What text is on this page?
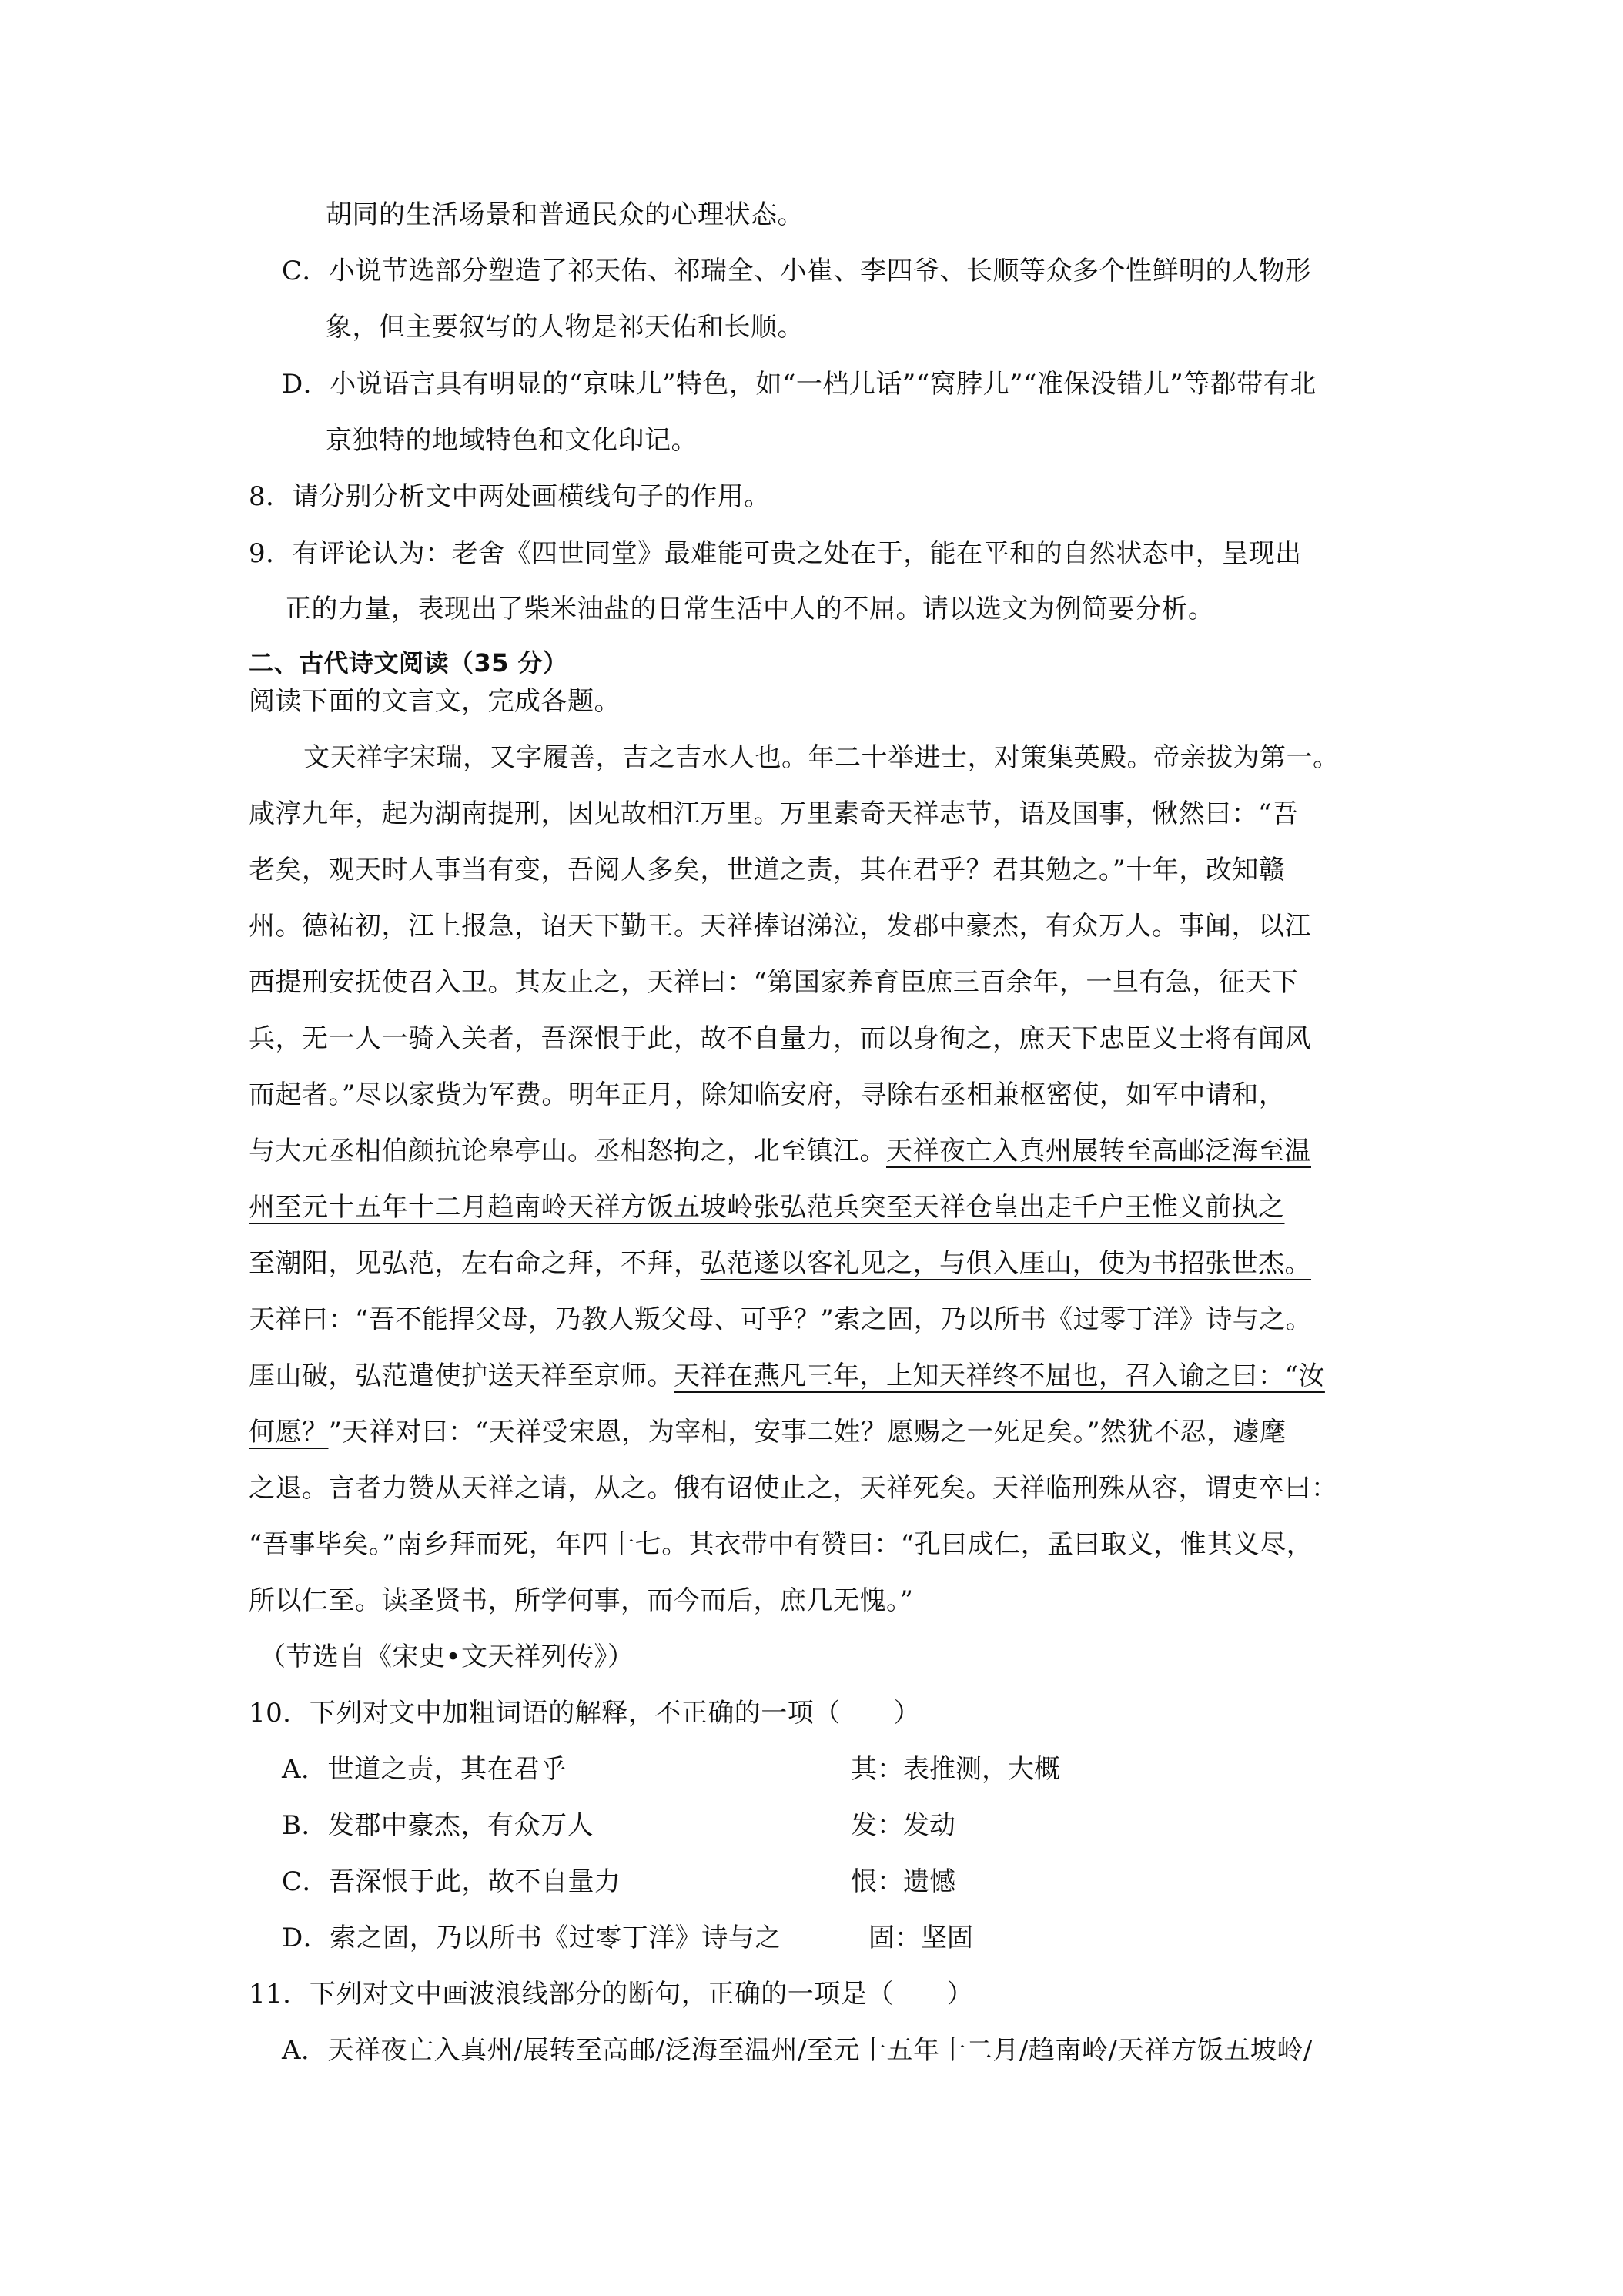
胡同的生活场景和普通民众的心理状态。
C．小说节选部分塑造了祁天佑、祁瑞全、小崔、李四爷、长顺等众多个性鲜明的人物形
象，但主要叙写的人物是祁天佑和长顺。
D．小说语言具有明显的“京味儿”特色，如“一档儿话”“窝脖儿”“准保没错儿”等都带有北
京独特的地域特色和文化印记。
8．请分别分析文中两处画横线句子的作用。
9．有评论认为：老舍《四世同堂》最难能可贵之处在于，能在平和的自然状态中，呈现出
正的力量，表现出了柴米油盐的日常生活中人的不屈。请以选文为例简要分析。
二、古代诗文阅读（35 分）
阅读下面的文言文，完成各题。
文天祥字宋瑞，又字履善，吉之吉水人也。年二十举进士，对策集英殿。帝亲拔为第一。
咸淳九年，起为湖南提刑，因见故相江万里。万里素奇天祥志节，语及国事，愀然曰：“吾
老矣，观天时人事当有变，吾阅人多矣，世道之责，其在君乎？君其勉之。”十年，改知赣
州。德祐初，江上报急，诏天下勤王。天祥捧诏涕泣，发郡中豪杰，有众万人。事闻，以江
西提刑安抚使召入卫。其友止之，天祥曰：“第国家养育臣庶三百余年，一旦有急，征天下
兵，无一人一骑入关者，吾深恨于此，故不自量力，而以身徇之，庶天下忠臣义士将有闻风
而起者。”尽以家赀为军费。明年正月，除知临安府，寻除右丞相兼枢密使，如军中请和，
与大元丞相伯颜抗论皋亭山。丞相怒拘之，北至镇江。天祥夜亡入真州展转至高邮泛海至温
州至元十五年十二月趋南岭天祥方饭五坡岭张弘范兵突至天祥仓皇出走千户王惟义前执之
至潮阳，见弘范，左右命之拜，不拜，弘范遂以客礼见之，与俱入厓山，使为书招张世杰。
天祥曰：“吾不能捍父母，乃教人叛父母、可乎？”索之固，乃以所书《过零丁洋》诗与之。
厓山破，弘范遣使护送天祥至京师。天祥在燕凡三年，上知天祥终不屈也，召入谕之曰：“汝
何愿？”天祥对曰：“天祥受宋恩，为宰相，安事二姓？愿赐之一死足矣。”然犹不忍，遽麾
之退。言者力赞从天祥之请，从之。俄有诏使止之，天祥死矣。天祥临刑殊从容，谓吏卒曰：
“吾事毕矣。”南乡拜而死，年四十七。其衣带中有赞曰：“孔曰成仁，孟曰取义，惟其义尽，
所以仁至。读圣贤书，所学何事，而今而后，庶几无愧。”
（节选自《宋史•文天祥列传》）
10．下列对文中加粗词语的解释，不正确的一项（　　）
A．世道之责，其在君乎	其：表推测，大概
B．发郡中豪杰，有众万人	发：发动
C．吾深恨于此，故不自量力	恨：遗憾
D．索之固，乃以所书《过零丁洋》诗与之	固：坚固
11．下列对文中画波浪线部分的断句，正确的一项是（　　）
A．天祥夜亡入真州/展转至高邮/泛海至温州/至元十五年十二月/趋南岭/天祥方饭五坡岭/
